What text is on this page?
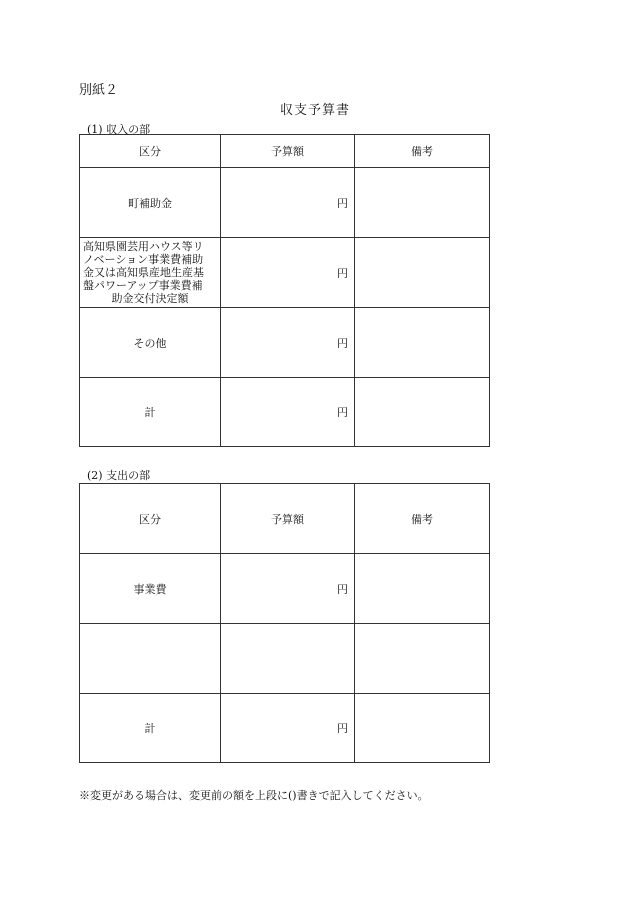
別紙２
収支予算書
(1) 収入の部
区分	予算額	備考
町補助金	円	

高知県園芸用ハウス等リ
ノベーション事業費補助
金又は高知県産地生産基
盤パワーアップ事業費補
助金交付決定額	円	
その他	円	
計	円	
(2) 支出の部
区分	予算額	備考
事業費	円	

計	円	
※変更がある場合は、変更前の額を上段に()書きで記入してください。
